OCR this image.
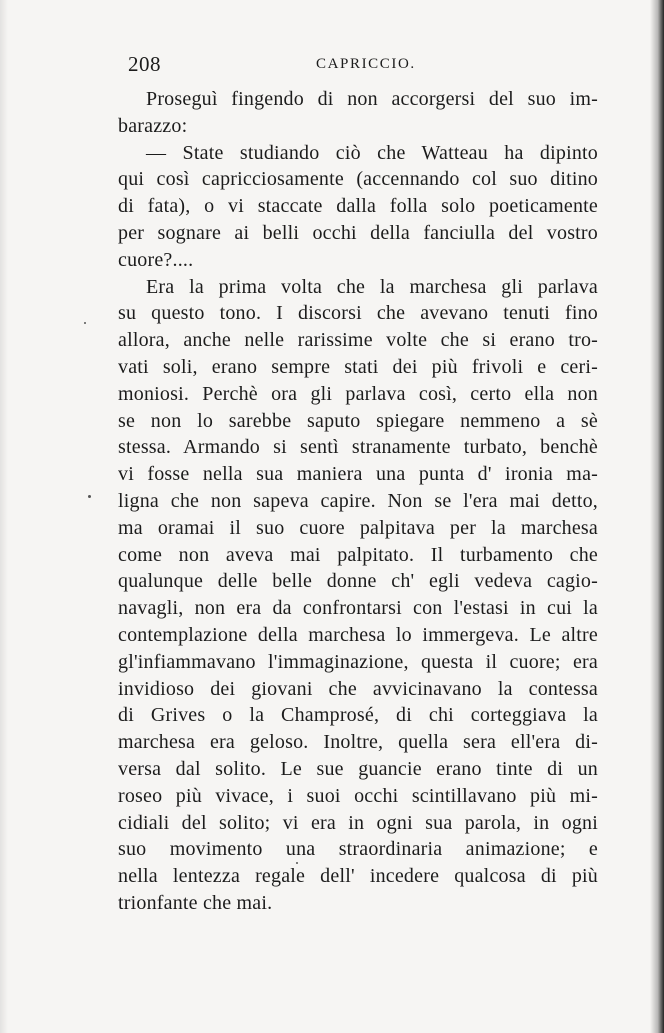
208	CAPRICCIO.
Proseguì fingendo di non accorgersi del suo im-
barazzo:
— State studiando ciò che Watteau ha dipinto
qui così capricciosamente (accennando col suo ditino
di fata), o vi staccate dalla folla solo poeticamente
per sognare ai belli occhi della fanciulla del vostro
cuore?....
Era la prima volta che la marchesa gli parlava
su questo tono. I discorsi che avevano tenuti fino
allora, anche nelle rarissime volte che si erano tro-
vati soli, erano sempre stati dei più frivoli e ceri-
moniosi. Perchè ora gli parlava così, certo ella non
se non lo sarebbe saputo spiegare nemmeno a sè
stessa. Armando si sentì stranamente turbato, benchè
vi fosse nella sua maniera una punta d' ironia ma-
ligna che non sapeva capire. Non se l'era mai detto,
ma oramai il suo cuore palpitava per la marchesa
come non aveva mai palpitato. Il turbamento che
qualunque delle belle donne ch' egli vedeva cagio-
navagli, non era da confrontarsi con l'estasi in cui la
contemplazione della marchesa lo immergeva. Le altre
gl'infiammavano l'immaginazione, questa il cuore; era
invidioso dei giovani che avvicinavano la contessa
di Grives o la Champrosé, di chi corteggiava la
marchesa era geloso. Inoltre, quella sera ell'era di-
versa dal solito. Le sue guancie erano tinte di un
roseo più vivace, i suoi occhi scintillavano più mi-
cidiali del solito; vi era in ogni sua parola, in ogni
suo movimento una straordinaria animazione; e
nella lentezza regale dell' incedere qualcosa di più
trionfante che mai.
